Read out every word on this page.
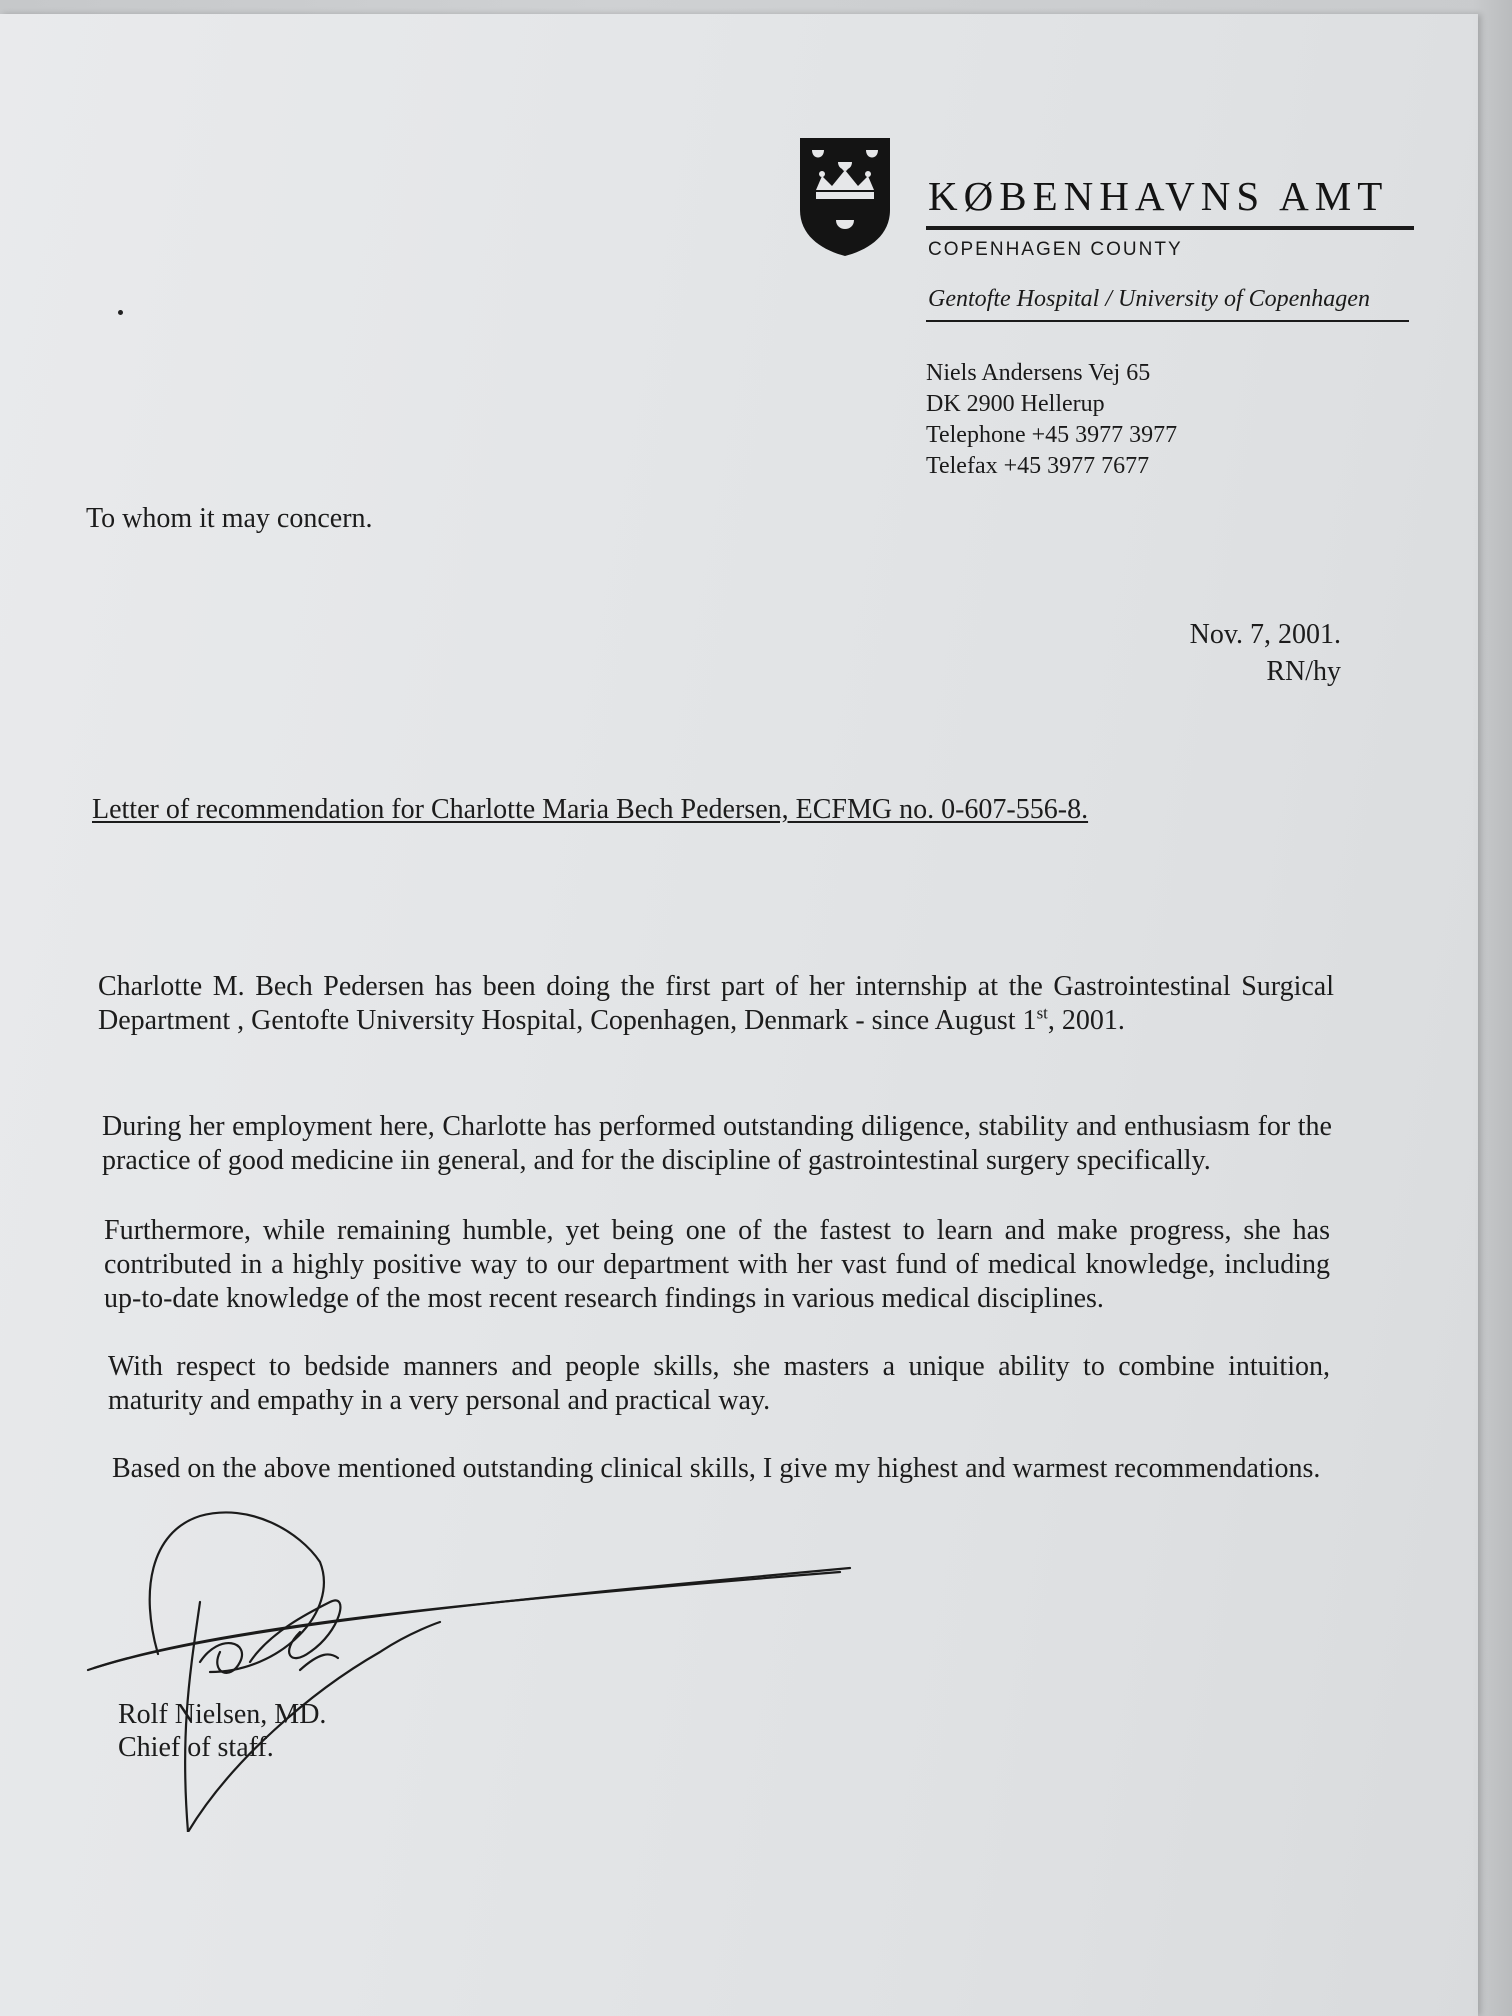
KØBENHAVNS AMT
COPENHAGEN COUNTY
Gentofte Hospital / University of Copenhagen
Niels Andersens Vej 65
DK 2900 Hellerup
Telephone +45 3977 3977
Telefax +45 3977 7677
To whom it may concern.
Nov. 7, 2001.
RN/hy
Letter of recommendation for Charlotte Maria Bech Pedersen, ECFMG no. 0-607-556-8.
Charlotte M. Bech Pedersen has been doing the first part of her internship at the Gastrointestinal Surgical Department , Gentofte University Hospital, Copenhagen, Denmark - since August 1st, 2001.
During her employment here, Charlotte has performed outstanding diligence, stability and enthusiasm for the practice of good medicine iin general, and for the discipline of gastrointestinal surgery specifically.
Furthermore, while remaining humble, yet being one of the fastest to learn and make progress, she has contributed in a highly positive way to our department with her vast fund of medical knowledge, including up-to-date knowledge of the most recent research findings in various medical disciplines.
With respect to bedside manners and people skills, she masters a unique ability to combine intuition, maturity and empathy in a very personal and practical way.
Based on the above mentioned outstanding clinical skills, I give my highest and warmest recommendations.
Rolf Nielsen, MD.
Chief of staff.
